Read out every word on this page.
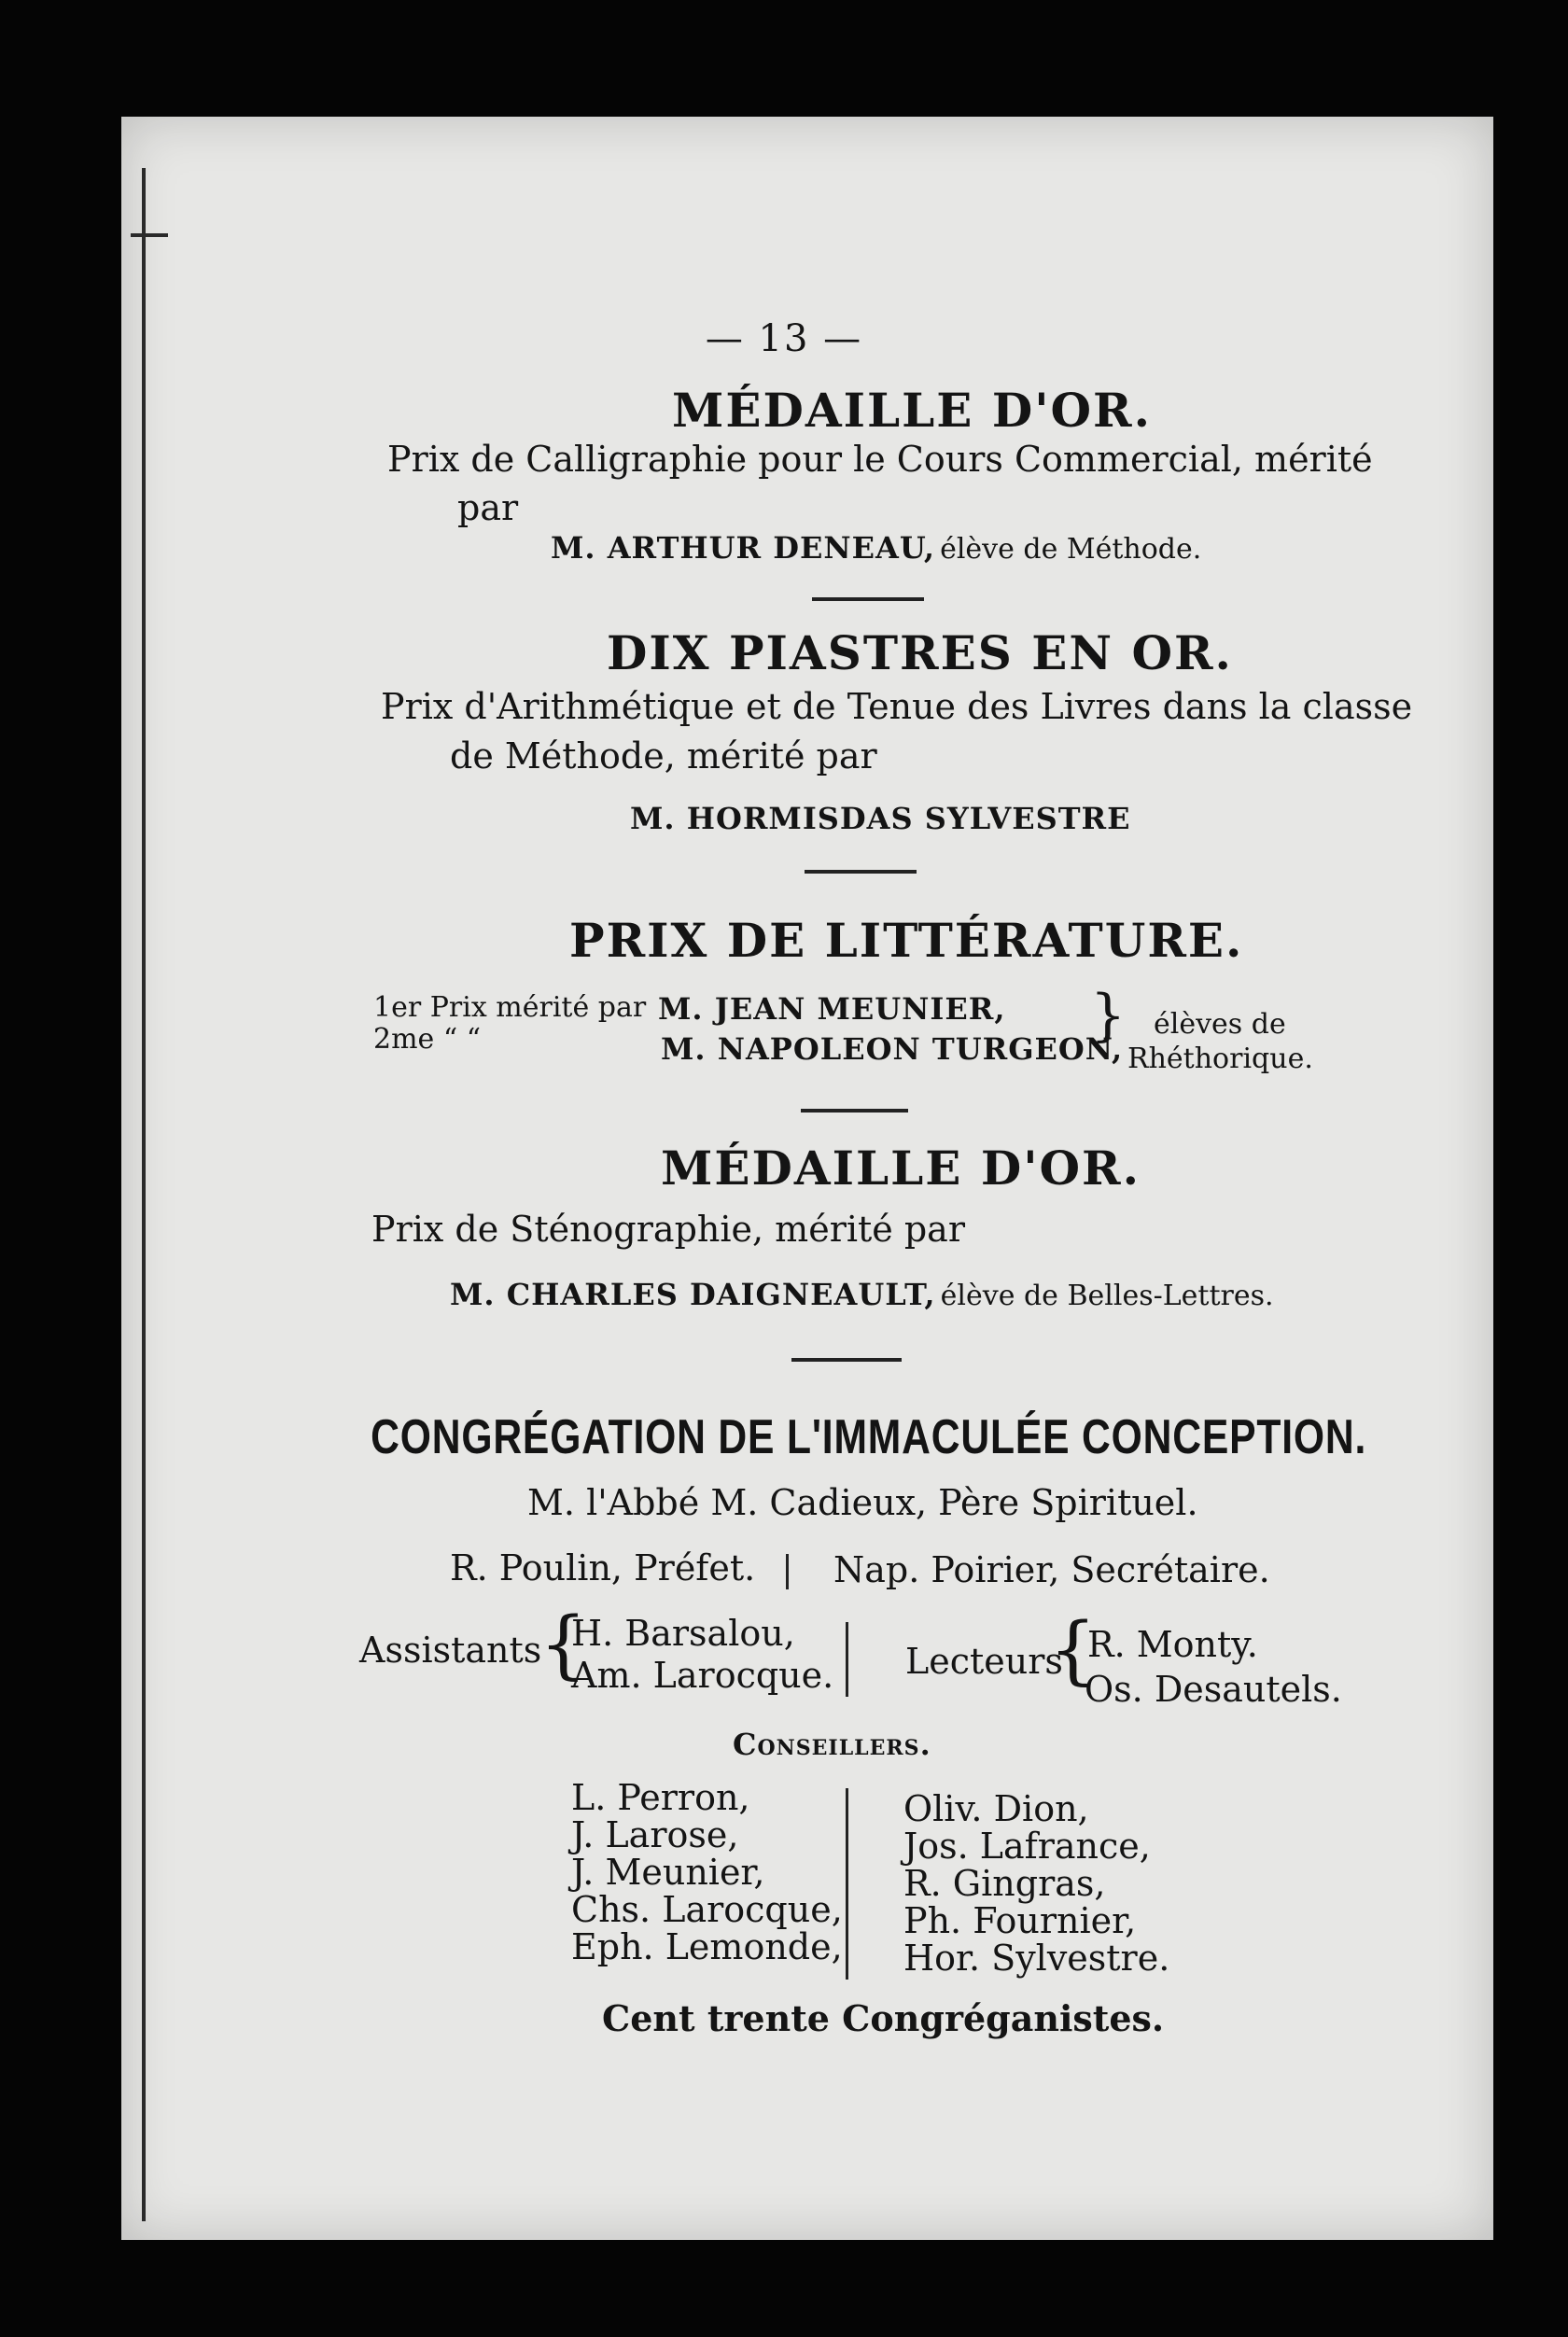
— 13 —
MÉDAILLE D'OR.
Prix de Calligraphie pour le Cours Commercial, mérité
par
M. ARTHUR DENEAU, élève de Méthode.
DIX PIASTRES EN OR.
Prix d'Arithmétique et de Tenue des Livres dans la classe
de Méthode, mérité par
M. HORMISDAS SYLVESTRE
PRIX DE LITTÉRATURE.
1er Prix mérité par M. JEAN MEUNIER,
2me “ “	M. NAPOLEON TURGEON,
} élèves de
Rhéthorique.
MÉDAILLE D'OR.
Prix de Sténographie, mérité par
M. CHARLES DAIGNEAULT, élève de Belles-Lettres.
CONGRÉGATION DE L'IMMACULÉE CONCEPTION.
M. l'Abbé M. Cadieux, Père Spirituel.
R. Poulin, Préfet. Nap. Poirier, Secrétaire.
Assistants
{
H. Barsalou,
Am. Larocque. Lecteurs
{
R. Monty.
Os. Desautels.
Conseillers.
L. Perron,
J. Larose,
J. Meunier,
Chs. Larocque,
Eph. Lemonde,
Oliv. Dion,
Jos. Lafrance,
R. Gingras,
Ph. Fournier,
Hor. Sylvestre.
Cent trente Congréganistes.
